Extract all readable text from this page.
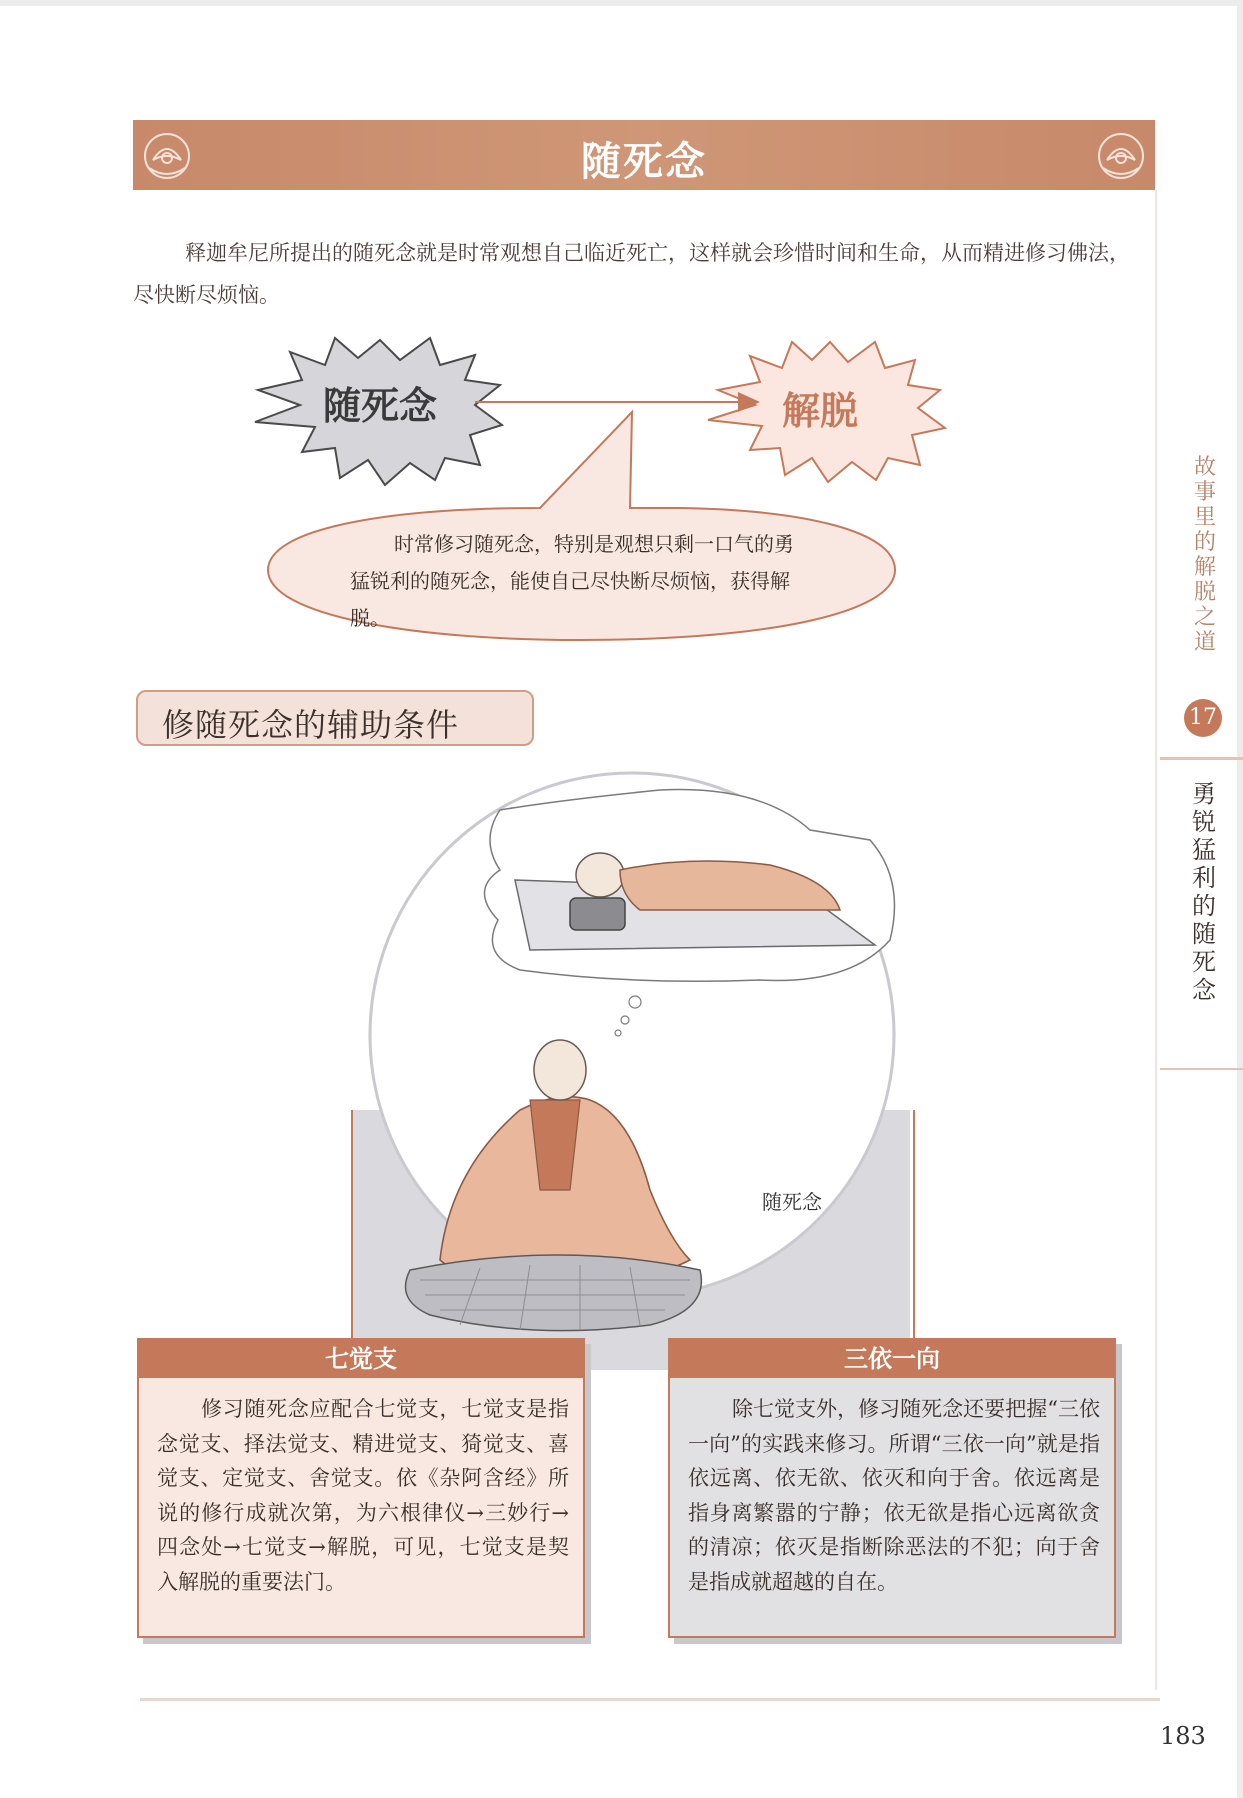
随死念
释迦牟尼所提出的随死念就是时常观想自己临近死亡，这样就会珍惜时间和生命，从而精进修习佛法，尽快断尽烦恼。
随死念	解脱
时常修习随死念，特别是观想只剩一口气的勇猛锐利的随死念，能使自己尽快断尽烦恼，获得解脱。
修随死念的辅助条件
随死念
故事里的解脱之道
17
勇锐猛利的随死念
七觉支
修习随死念应配合七觉支，七觉支是指念觉支、择法觉支、精进觉支、猗觉支、喜觉支、定觉支、舍觉支。依《杂阿含经》所说的修行成就次第，为六根律仪→三妙行→四念处→七觉支→解脱，可见，七觉支是契入解脱的重要法门。
三依一向
除七觉支外，修习随死念还要把握“三依一向”的实践来修习。所谓“三依一向”就是指依远离、依无欲、依灭和向于舍。依远离是指身离繁嚣的宁静；依无欲是指心远离欲贪的清凉；依灭是指断除恶法的不犯；向于舍是指成就超越的自在。
183
